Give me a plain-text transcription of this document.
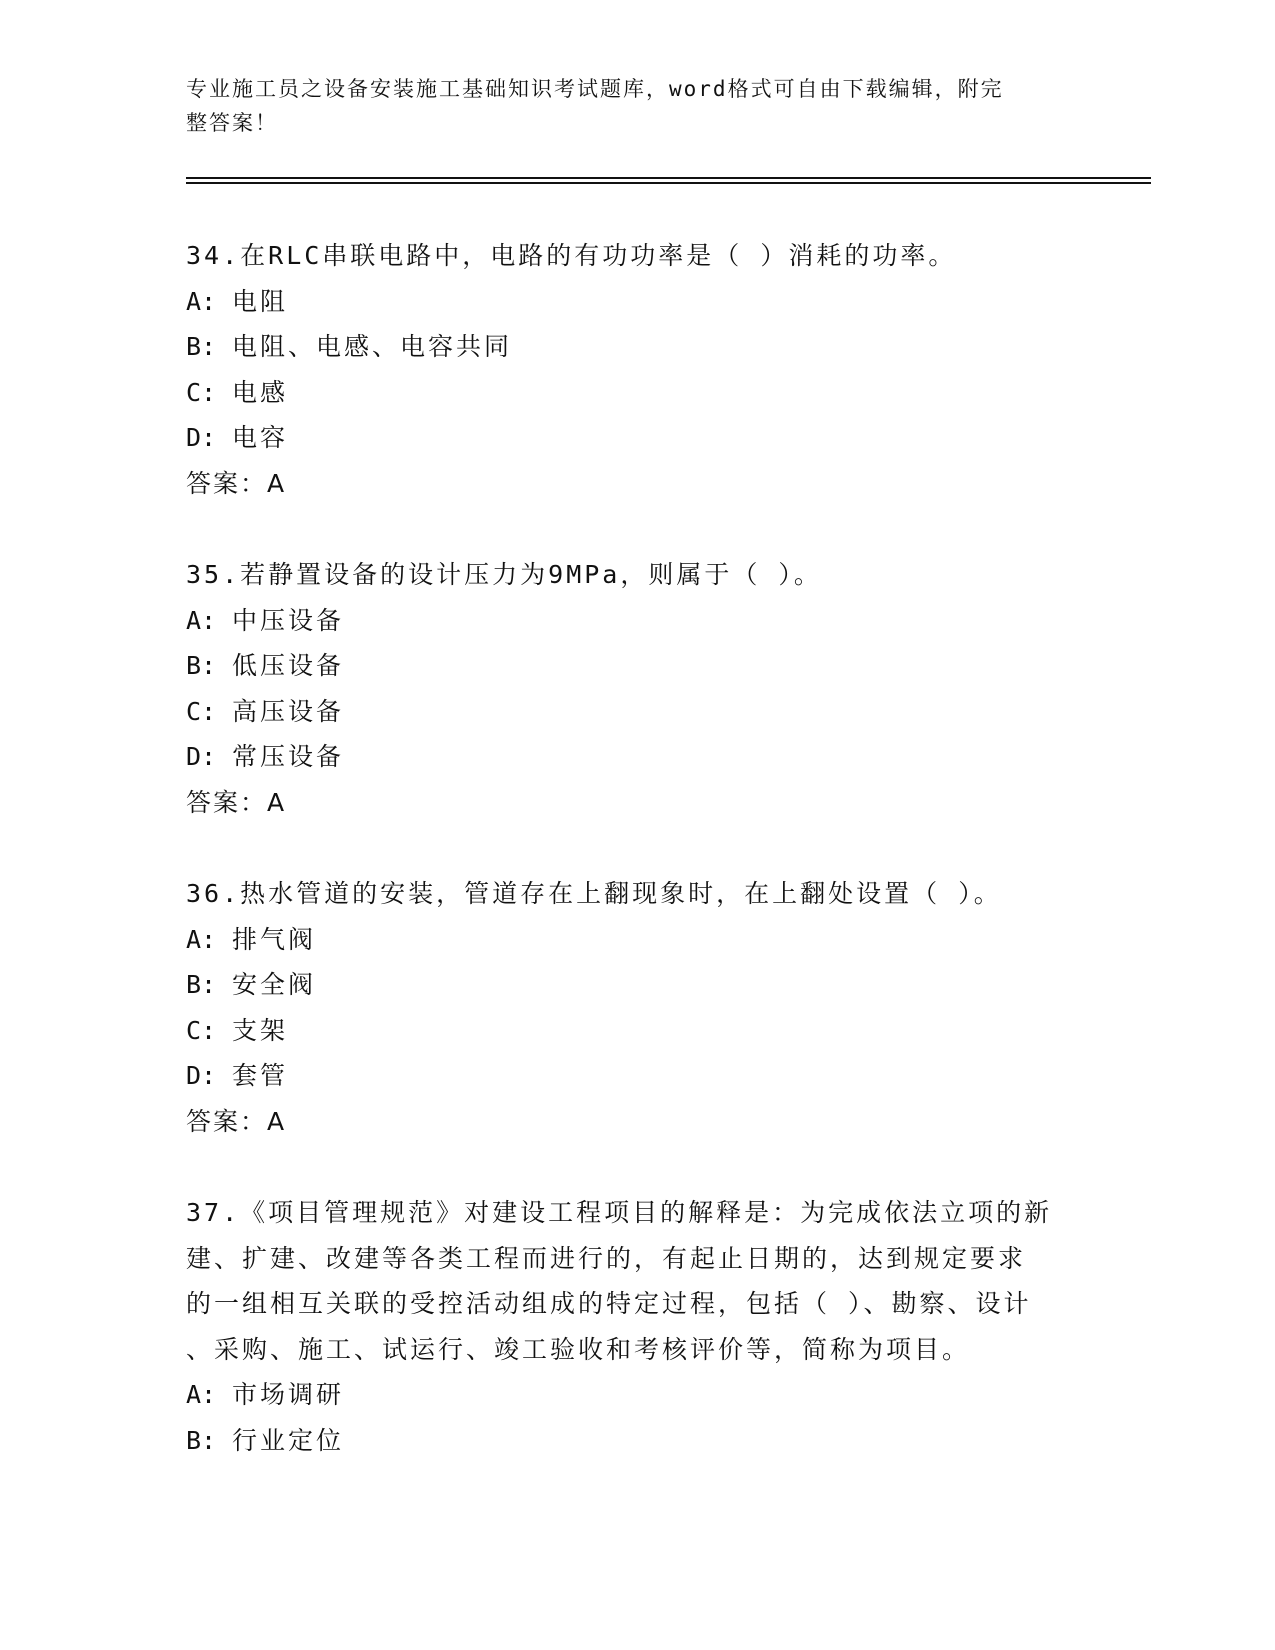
专业施工员之设备安装施工基础知识考试题库，word格式可自由下载编辑，附完
整答案！
34.在RLC串联电路中，电路的有功功率是（ ）消耗的功率。
A: 电阻
B: 电阻、电感、电容共同
C: 电感
D: 电容
答案：A
35.若静置设备的设计压力为9MPa，则属于（ ）。
A: 中压设备
B: 低压设备
C: 高压设备
D: 常压设备
答案：A
36.热水管道的安装，管道存在上翻现象时，在上翻处设置（ ）。
A: 排气阀
B: 安全阀
C: 支架
D: 套管
答案：A
37.《项目管理规范》对建设工程项目的解释是：为完成依法立项的新
建、扩建、改建等各类工程而进行的，有起止日期的，达到规定要求
的一组相互关联的受控活动组成的特定过程，包括（ ）、勘察、设计
、采购、施工、试运行、竣工验收和考核评价等，简称为项目。
A: 市场调研
B: 行业定位
